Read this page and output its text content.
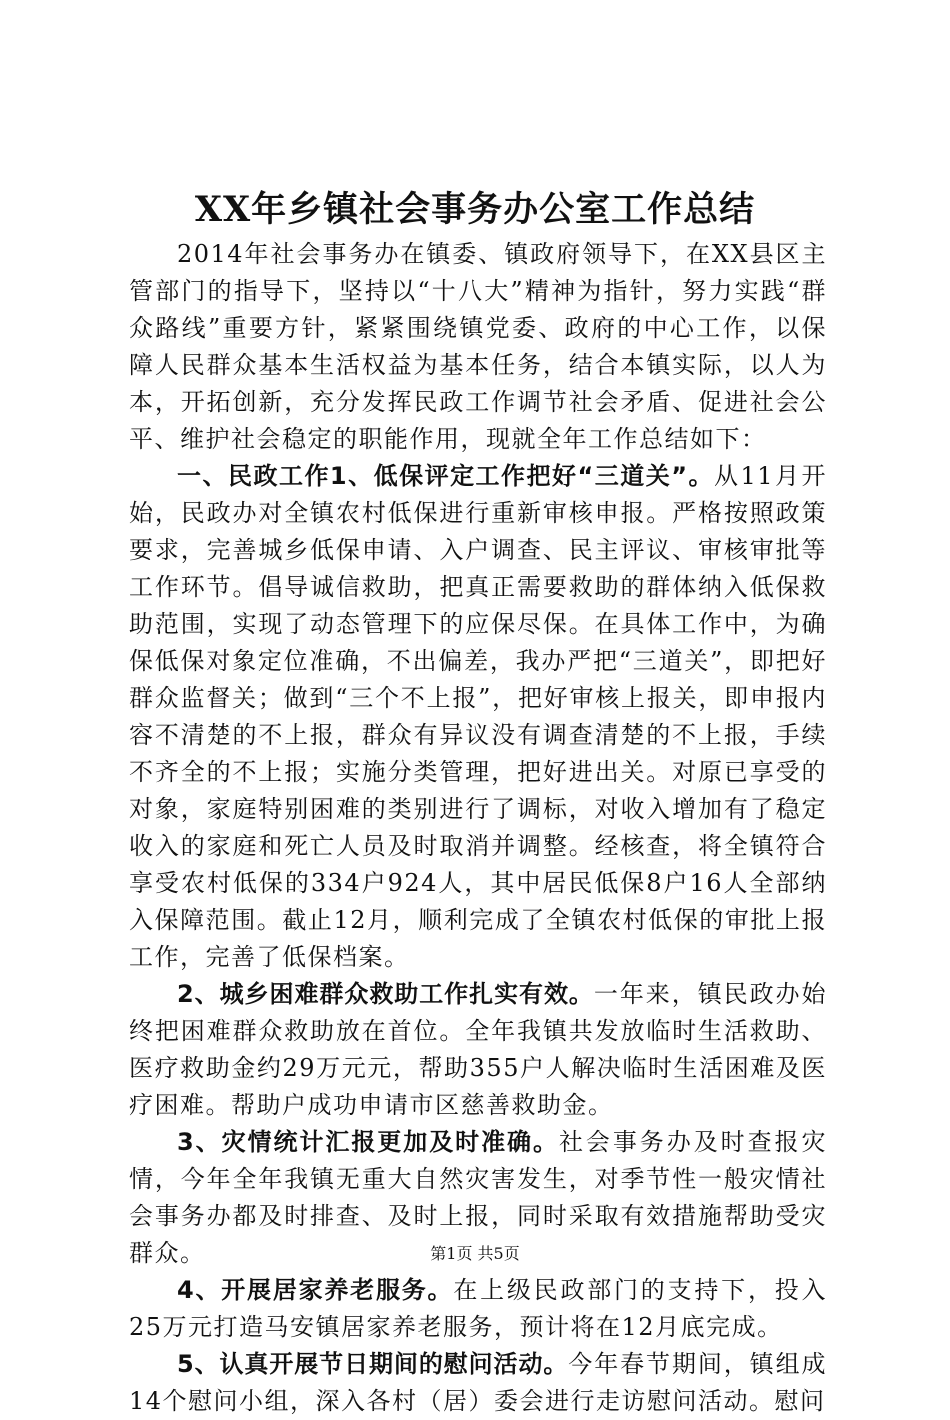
XX年乡镇社会事务办公室工作总结

2014年社会事务办在镇委、镇政府领导下，在XX县区主管部门的指导下，坚持以“十八大”精神为指针，努力实践“群众路线”重要方针，紧紧围绕镇党委、政府的中心工作，以保障人民群众基本生活权益为基本任务，结合本镇实际，以人为本，开拓创新，充分发挥民政工作调节社会矛盾、促进社会公平、维护社会稳定的职能作用，现就全年工作总结如下：

一、民政工作1、低保评定工作把好“三道关”。从11月开始，民政办对全镇农村低保进行重新审核申报。严格按照政策要求，完善城乡低保申请、入户调查、民主评议、审核审批等工作环节。倡导诚信救助，把真正需要救助的群体纳入低保救助范围，实现了动态管理下的应保尽保。在具体工作中，为确保低保对象定位准确，不出偏差，我办严把“三道关”，即把好群众监督关；做到“三个不上报”，把好审核上报关，即申报内容不清楚的不上报，群众有异议没有调查清楚的不上报，手续不齐全的不上报；实施分类管理，把好进出关。对原已享受的对象，家庭特别困难的类别进行了调标，对收入增加有了稳定收入的家庭和死亡人员及时取消并调整。经核查，将全镇符合享受农村低保的334户924人，其中居民低保8户16人全部纳入保障范围。截止12月，顺利完成了全镇农村低保的审批上报工作，完善了低保档案。

2、城乡困难群众救助工作扎实有效。一年来，镇民政办始终把困难群众救助放在首位。全年我镇共发放临时生活救助、医疗救助金约29万元元，帮助355户人解决临时生活困难及医疗困难。帮助户成功申请市区慈善救助金。

3、灾情统计汇报更加及时准确。社会事务办及时查报灾情，今年全年我镇无重大自然灾害发生，对季节性一般灾情社会事务办都及时排查、及时上报，同时采取有效措施帮助受灾群众。

4、开展居家养老服务。在上级民政部门的支持下，投入25万元打造马安镇居家养老服务，预计将在12月底完成。

5、认真开展节日期间的慰问活动。今年春节期间，镇组成14个慰问小组，深入各村（居）委会进行走访慰问活动。慰问

第1页 共5页
